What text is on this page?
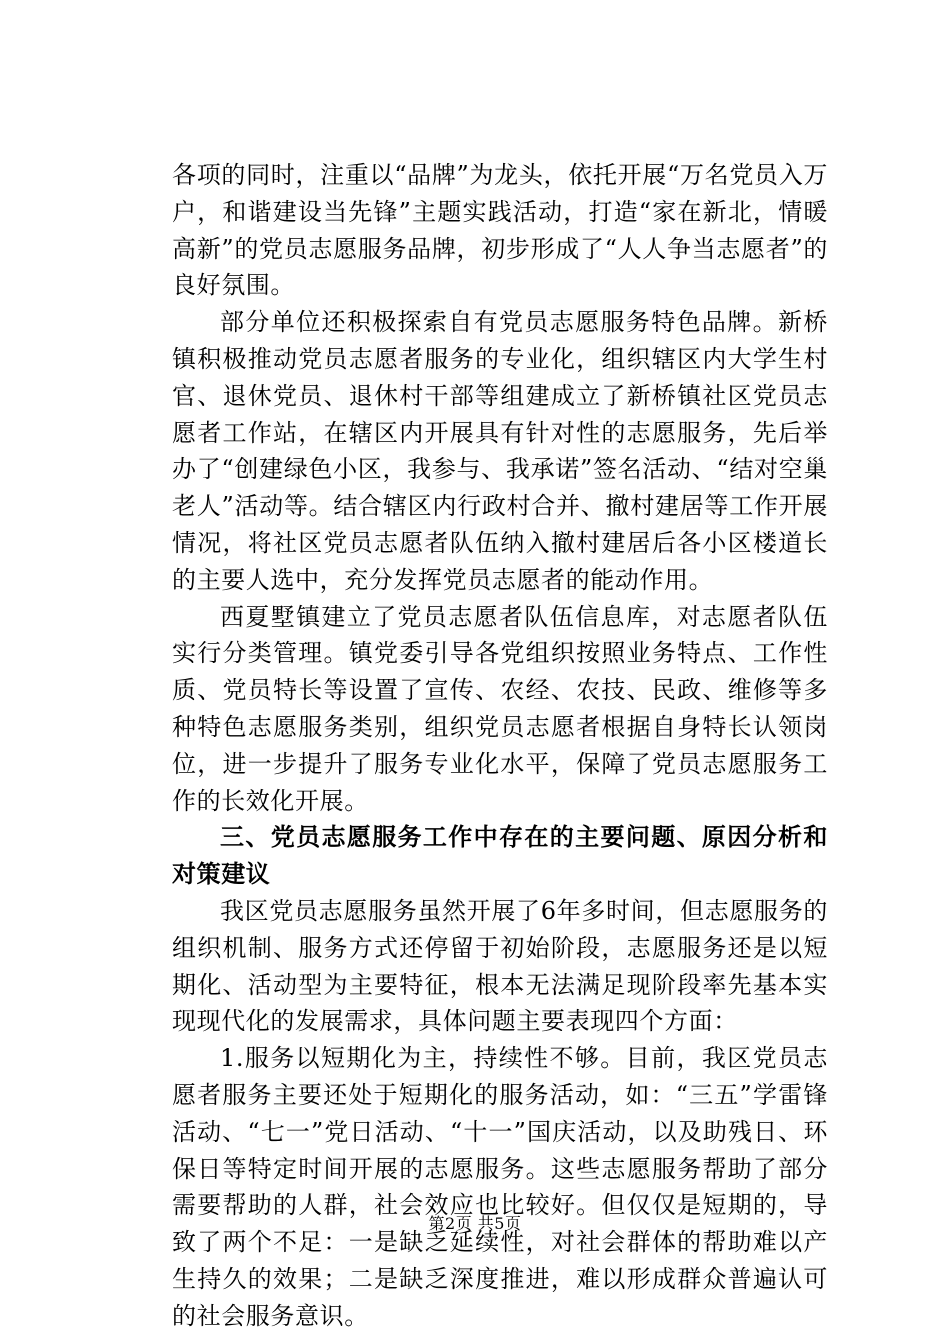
各项的同时，注重以“品牌”为龙头，依托开展“万名党员入万户，和谐建设当先锋”主题实践活动，打造“家在新北，情暖高新”的党员志愿服务品牌，初步形成了“人人争当志愿者”的良好氛围。

部分单位还积极探索自有党员志愿服务特色品牌。新桥镇积极推动党员志愿者服务的专业化，组织辖区内大学生村官、退休党员、退休村干部等组建成立了新桥镇社区党员志愿者工作站，在辖区内开展具有针对性的志愿服务，先后举办了“创建绿色小区，我参与、我承诺”签名活动、“结对空巢老人”活动等。结合辖区内行政村合并、撤村建居等工作开展情况，将社区党员志愿者队伍纳入撤村建居后各小区楼道长的主要人选中，充分发挥党员志愿者的能动作用。

西夏墅镇建立了党员志愿者队伍信息库，对志愿者队伍实行分类管理。镇党委引导各党组织按照业务特点、工作性质、党员特长等设置了宣传、农经、农技、民政、维修等多种特色志愿服务类别，组织党员志愿者根据自身特长认领岗位，进一步提升了服务专业化水平，保障了党员志愿服务工作的长效化开展。

三、党员志愿服务工作中存在的主要问题、原因分析和对策建议

我区党员志愿服务虽然开展了6年多时间，但志愿服务的组织机制、服务方式还停留于初始阶段，志愿服务还是以短期化、活动型为主要特征，根本无法满足现阶段率先基本实现现代化的发展需求，具体问题主要表现四个方面：

1.服务以短期化为主，持续性不够。目前，我区党员志愿者服务主要还处于短期化的服务活动，如：“三五”学雷锋活动、“七一”党日活动、“十一”国庆活动，以及助残日、环保日等特定时间开展的志愿服务。这些志愿服务帮助了部分需要帮助的人群，社会效应也比较好。但仅仅是短期的，导致了两个不足：一是缺乏延续性，对社会群体的帮助难以产生持久的效果；二是缺乏深度推进，难以形成群众普遍认可的社会服务意识。

第2页 共5页
